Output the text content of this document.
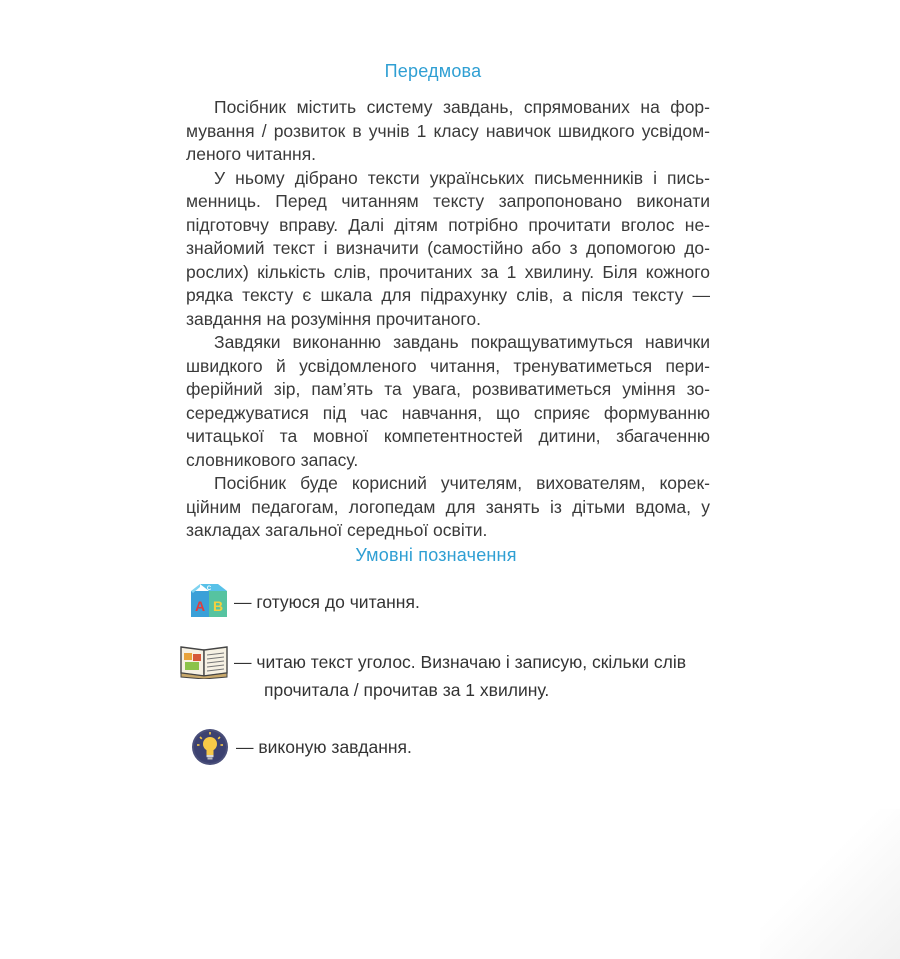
Передмова

Посібник містить систему завдань, спрямованих на фор-
мування / розвиток в учнів 1 класу навичок швидкого усвідом-
леного читання.

У ньому дібрано тексти українських письменників і пись-
менниць. Перед читанням тексту запропоновано виконати
підготовчу вправу. Далі дітям потрібно прочитати вголос не-
знайомий текст і визначити (самостійно або з допомогою до-
рослих) кількість слів, прочитаних за 1 хвилину. Біля кожного
рядка тексту є шкала для підрахунку слів, а після тексту —
завдання на розуміння прочитаного.

Завдяки виконанню завдань покращуватимуться навички
швидкого й усвідомленого читання, тренуватиметься пери-
ферійний зір, пам’ять та увага, розвиватиметься уміння зо-
середжуватися під час навчання, що сприяє формуванню
читацької та мовної компетентностей дитини, збагаченню
словникового запасу.

Посібник буде корисний учителям, вихователям, корек-
ційним педагогам, логопедам для занять із дітьми вдома, у
закладах загальної середньої освіти.

Умовні позначення
A B
C
— готуюся до читання.
— читаю текст уголос. Визначаю і записую, скільки слів
прочитала / прочитав за 1 хвилину.
— виконую завдання.
